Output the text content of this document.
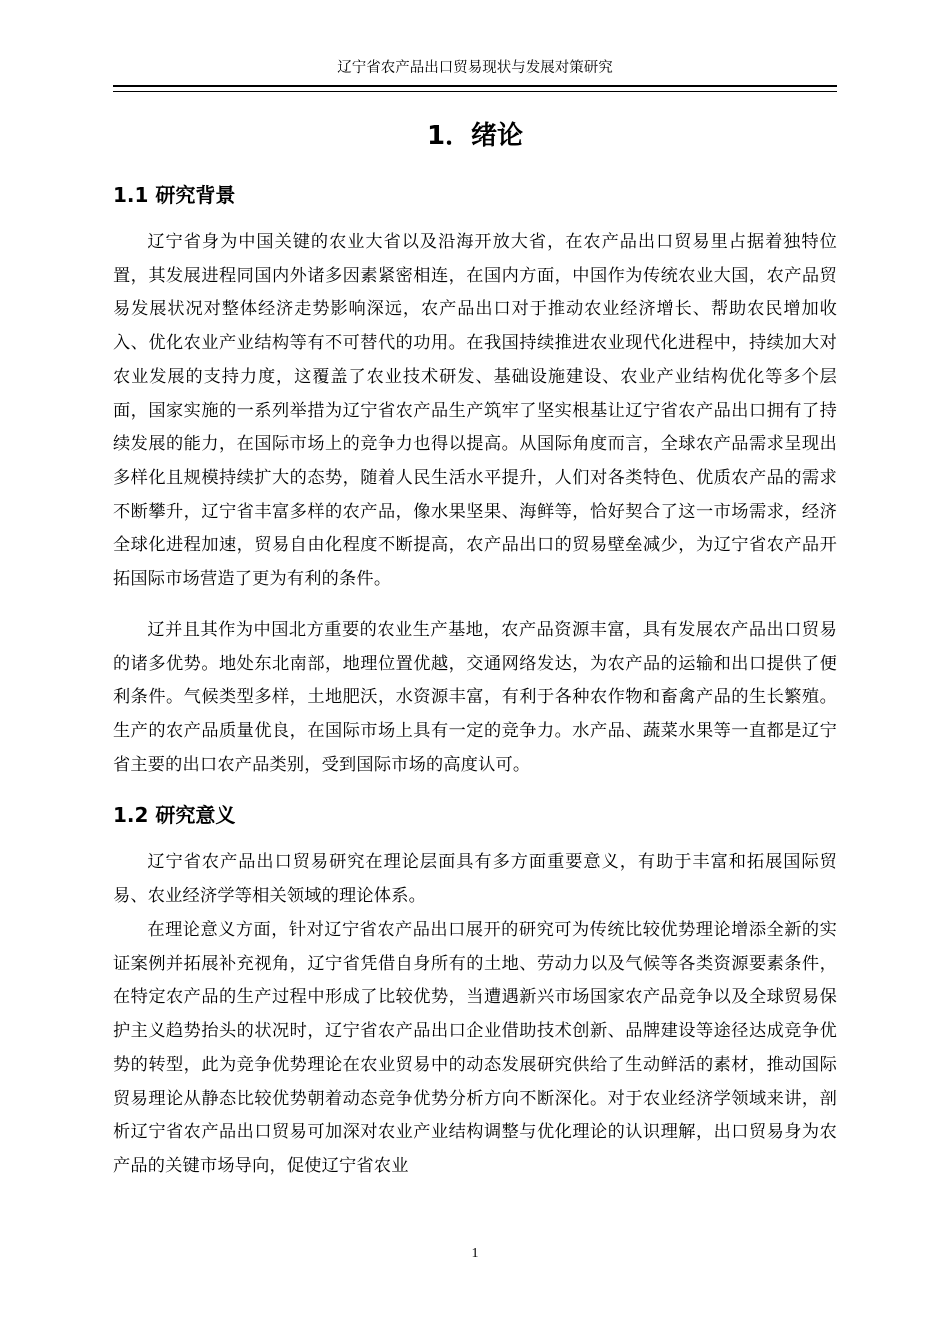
辽宁省农产品出口贸易现状与发展对策研究
1．绪论
1.1 研究背景

辽宁省身为中国关键的农业大省以及沿海开放大省，在农产品出口贸易里占据着独特位置，其发展进程同国内外诸多因素紧密相连，在国内方面，中国作为传统农业大国，农产品贸易发展状况对整体经济走势影响深远，农产品出口对于推动农业经济增长、帮助农民增加收入、优化农业产业结构等有不可替代的功用。在我国持续推进农业现代化进程中，持续加大对农业发展的支持力度，这覆盖了农业技术研发、基础设施建设、农业产业结构优化等多个层面，国家实施的一系列举措为辽宁省农产品生产筑牢了坚实根基让辽宁省农产品出口拥有了持续发展的能力，在国际市场上的竞争力也得以提高。从国际角度而言，全球农产品需求呈现出多样化且规模持续扩大的态势，随着人民生活水平提升，人们对各类特色、优质农产品的需求不断攀升，辽宁省丰富多样的农产品，像水果坚果、海鲜等，恰好契合了这一市场需求，经济全球化进程加速，贸易自由化程度不断提高，农产品出口的贸易壁垒减少，为辽宁省农产品开拓国际市场营造了更为有利的条件。

辽并且其作为中国北方重要的农业生产基地，农产品资源丰富，具有发展农产品出口贸易的诸多优势。地处东北南部，地理位置优越，交通网络发达，为农产品的运输和出口提供了便利条件。气候类型多样，土地肥沃，水资源丰富，有利于各种农作物和畜禽产品的生长繁殖。生产的农产品质量优良，在国际市场上具有一定的竞争力。水产品、蔬菜水果等一直都是辽宁省主要的出口农产品类别，受到国际市场的高度认可。

1.2 研究意义

辽宁省农产品出口贸易研究在理论层面具有多方面重要意义，有助于丰富和拓展国际贸易、农业经济学等相关领域的理论体系。

在理论意义方面，针对辽宁省农产品出口展开的研究可为传统比较优势理论增添全新的实证案例并拓展补充视角，辽宁省凭借自身所有的土地、劳动力以及气候等各类资源要素条件，在特定农产品的生产过程中形成了比较优势，当遭遇新兴市场国家农产品竞争以及全球贸易保护主义趋势抬头的状况时，辽宁省农产品出口企业借助技术创新、品牌建设等途径达成竞争优势的转型，此为竞争优势理论在农业贸易中的动态发展研究供给了生动鲜活的素材，推动国际贸易理论从静态比较优势朝着动态竞争优势分析方向不断深化。对于农业经济学领域来讲，剖析辽宁省农产品出口贸易可加深对农业产业结构调整与优化理论的认识理解，出口贸易身为农产品的关键市场导向，促使辽宁省农业

1
